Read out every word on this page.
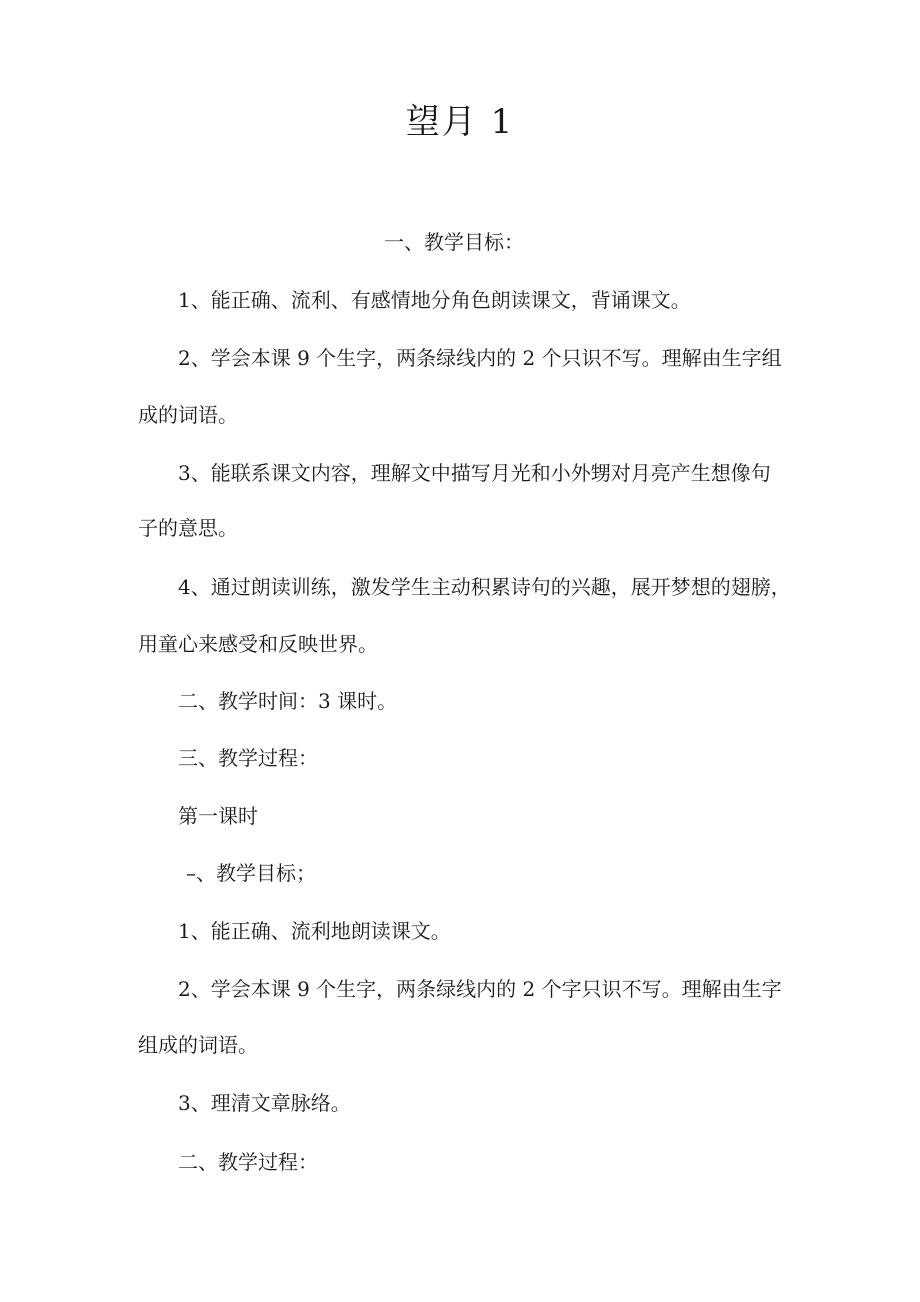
望月 1
一、教学目标：
1、能正确、流利、有感情地分角色朗读课文，背诵课文。
2、学会本课 9 个生字，两条绿线内的 2 个只识不写。理解由生字组
成的词语。
3、能联系课文内容，理解文中描写月光和小外甥对月亮产生想像句
子的意思。
4、通过朗读训练，激发学生主动积累诗句的兴趣，展开梦想的翅膀，
用童心来感受和反映世界。
二、教学时间：3 课时。
三、教学过程：
第一课时
–、教学目标；
1、能正确、流利地朗读课文。
2、学会本课 9 个生字，两条绿线内的 2 个字只识不写。理解由生字
组成的词语。
3、理清文章脉络。
二、教学过程：
